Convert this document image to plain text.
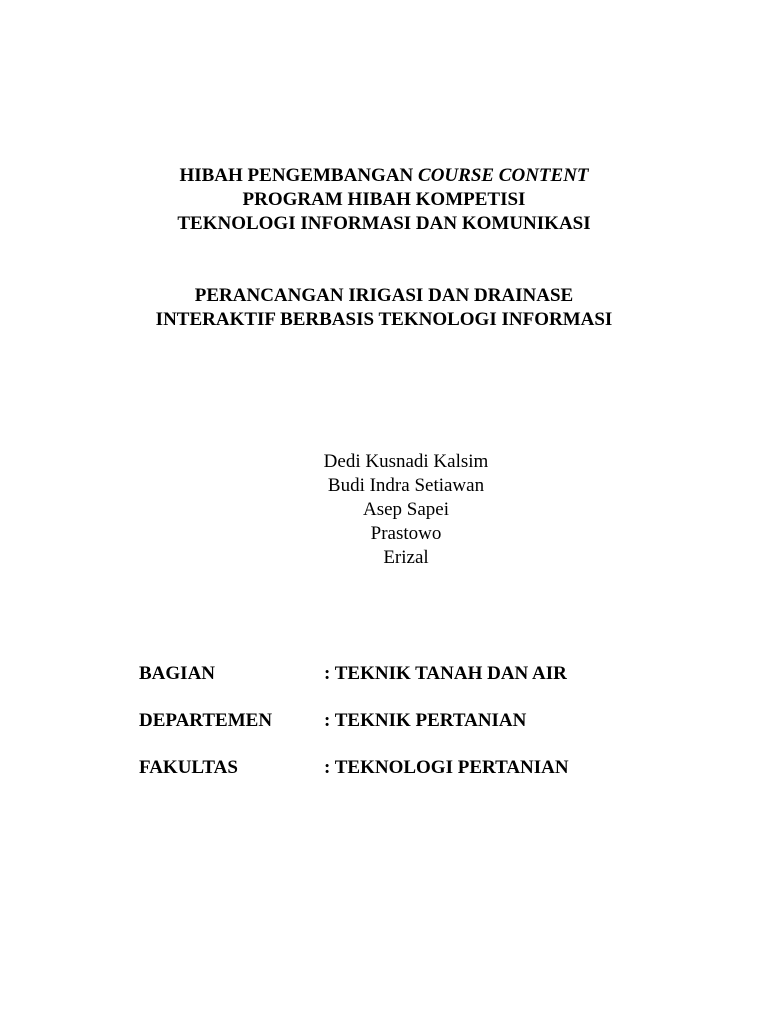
HIBAH PENGEMBANGAN COURSE CONTENT
PROGRAM HIBAH KOMPETISI
TEKNOLOGI INFORMASI DAN KOMUNIKASI
PERANCANGAN IRIGASI DAN DRAINASE
INTERAKTIF BERBASIS TEKNOLOGI INFORMASI
Dedi Kusnadi Kalsim
Budi Indra Setiawan
Asep Sapei
Prastowo
Erizal
BAGIAN	: TEKNIK TANAH DAN AIR
DEPARTEMEN	: TEKNIK PERTANIAN
FAKULTAS	: TEKNOLOGI PERTANIAN
